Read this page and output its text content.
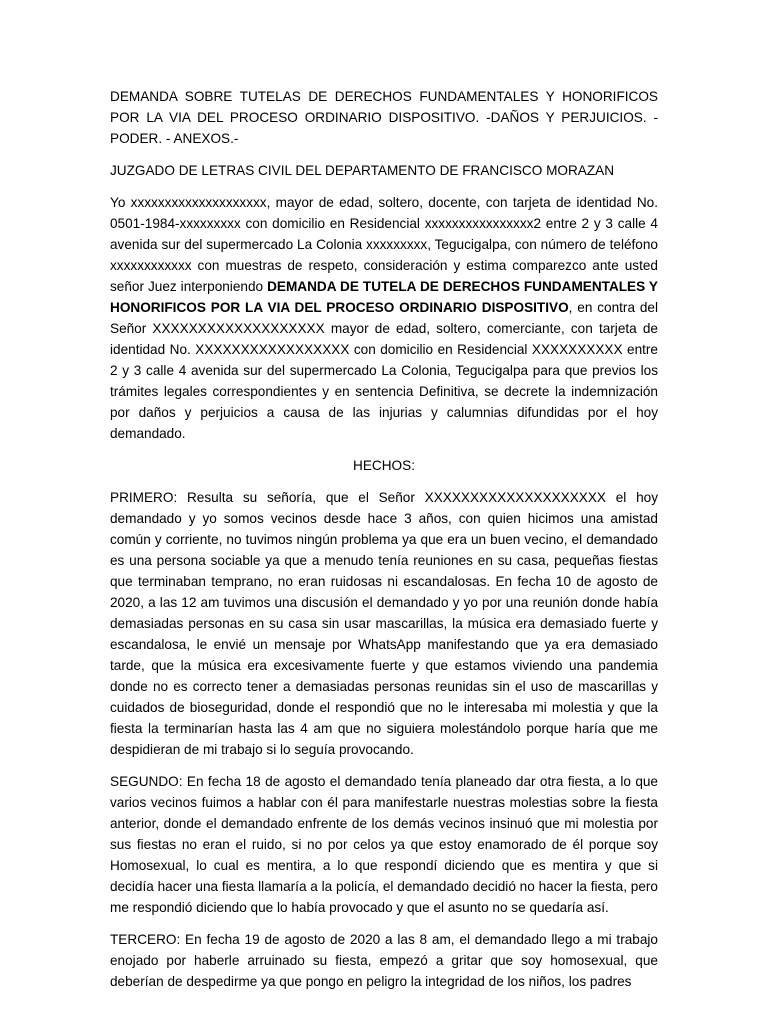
DEMANDA SOBRE TUTELAS DE DERECHOS FUNDAMENTALES Y HONORIFICOS POR LA VIA DEL PROCESO ORDINARIO DISPOSITIVO. -DAÑOS Y PERJUICIOS. -PODER. - ANEXOS.-

JUZGADO DE LETRAS CIVIL DEL DEPARTAMENTO DE FRANCISCO MORAZAN

Yo xxxxxxxxxxxxxxxxxxxx, mayor de edad, soltero, docente, con tarjeta de identidad No. 0501-1984-xxxxxxxxx con domicilio en Residencial xxxxxxxxxxxxxxxx2 entre 2 y 3 calle 4 avenida sur del supermercado La Colonia xxxxxxxxx, Tegucigalpa, con número de teléfono xxxxxxxxxxxx con muestras de respeto, consideración y estima comparezco ante usted señor Juez interponiendo DEMANDA DE TUTELA DE DERECHOS FUNDAMENTALES Y HONORIFICOS POR LA VIA DEL PROCESO ORDINARIO DISPOSITIVO, en contra del Señor XXXXXXXXXXXXXXXXXXX mayor de edad, soltero, comerciante, con tarjeta de identidad No. XXXXXXXXXXXXXXXXX con domicilio en Residencial XXXXXXXXXX entre 2 y 3 calle 4 avenida sur del supermercado La Colonia, Tegucigalpa para que previos los trámites legales correspondientes y en sentencia Definitiva, se decrete la indemnización por daños y perjuicios a causa de las injurias y calumnias difundidas por el hoy demandado.

HECHOS:

PRIMERO: Resulta su señoría, que el Señor XXXXXXXXXXXXXXXXXXXX el hoy demandado y yo somos vecinos desde hace 3 años, con quien hicimos una amistad común y corriente, no tuvimos ningún problema ya que era un buen vecino, el demandado es una persona sociable ya que a menudo tenía reuniones en su casa, pequeñas fiestas que terminaban temprano, no eran ruidosas ni escandalosas. En fecha 10 de agosto de 2020, a las 12 am tuvimos una discusión el demandado y yo por una reunión donde había demasiadas personas en su casa sin usar mascarillas, la música era demasiado fuerte y escandalosa, le envié un mensaje por WhatsApp manifestando que ya era demasiado tarde, que la música era excesivamente fuerte y que estamos viviendo una pandemia donde no es correcto tener a demasiadas personas reunidas sin el uso de mascarillas y cuidados de bioseguridad, donde el respondió que no le interesaba mi molestia y que la fiesta la terminarían hasta las 4 am que no siguiera molestándolo porque haría que me despidieran de mi trabajo si lo seguía provocando.

SEGUNDO: En fecha 18 de agosto el demandado tenía planeado dar otra fiesta, a lo que varios vecinos fuimos a hablar con él para manifestarle nuestras molestias sobre la fiesta anterior, donde el demandado enfrente de los demás vecinos insinuó que mi molestia por sus fiestas no eran el ruido, si no por celos ya que estoy enamorado de él porque soy Homosexual, lo cual es mentira, a lo que respondí diciendo que es mentira y que si decidía hacer una fiesta llamaría a la policía, el demandado decidió no hacer la fiesta, pero me respondió diciendo que lo había provocado y que el asunto no se quedaría así.

TERCERO: En fecha 19 de agosto de 2020 a las 8 am, el demandado llego a mi trabajo enojado por haberle arruinado su fiesta, empezó a gritar que soy homosexual, que deberían de despedirme ya que pongo en peligro la integridad de los niños, los padres
